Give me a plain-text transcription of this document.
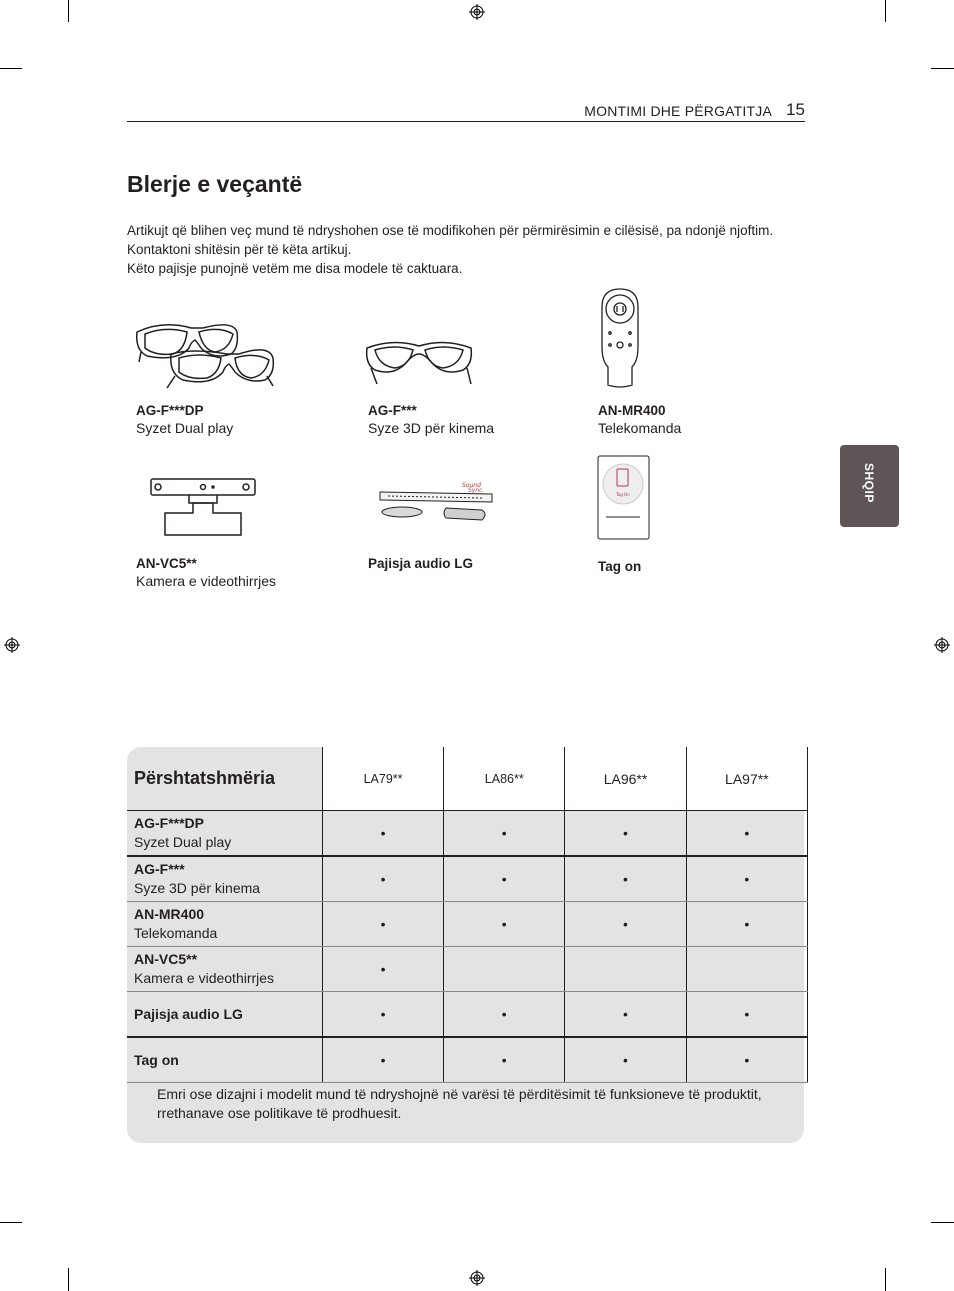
MONTIMI DHE PËRGATITJA 15
SHQIP
Blerje e veçantë
Artikujt që blihen veç mund të ndryshohen ose të modifikohen për përmirësimin e cilësisë, pa ndonjë njoftim.
Kontaktoni shitësin për të këta artikuj.
Këto pajisje punojnë vetëm me disa modele të caktuara.
Sound
Sync
Tag On
AG-F***DP
Syzet Dual play
AG-F***
Syze 3D për kinema
AN-MR400
Telekomanda
AN-VC5**
Kamera e videothirrjes
Pajisja audio LG	Tag on
Përshtatshmëria	LA79**	LA86**	LA96**	LA97**
AG-F***DP
Syzet Dual play	•	•	•	•
AG-F***
Syze 3D për kinema	•	•	•	•
AN-MR400
Telekomanda	•	•	•	•
AN-VC5**
Kamera e videothirrjes	•			
Pajisja audio LG	•	•	•	•
Tag on	•	•	•	•
Emri ose dizajni i modelit mund të ndryshojnë në varësi të përditësimit të funksioneve të produktit, rrethanave ose politikave të prodhuesit.
